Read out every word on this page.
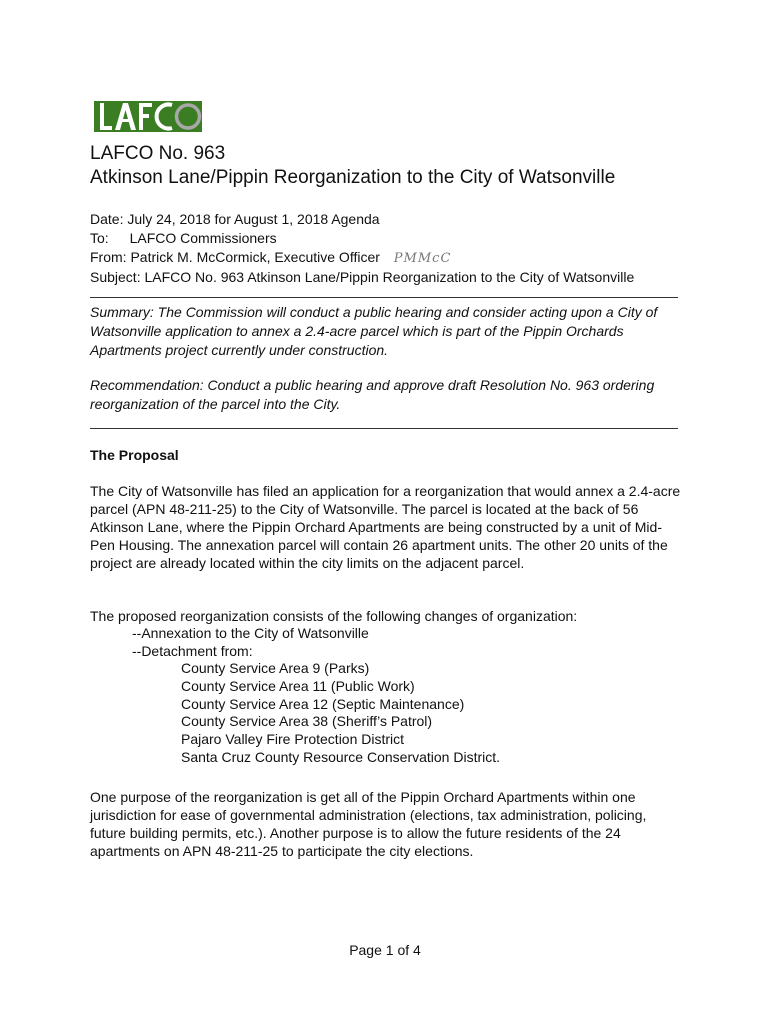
LAFCO No. 963
Atkinson Lane/Pippin Reorganization to the City of Watsonville
Date: July 24, 2018 for August 1, 2018 Agenda
To: LAFCO Commissioners
From: Patrick M. McCormick, Executive Officer PMMcC
Subject: LAFCO No. 963 Atkinson Lane/Pippin Reorganization to the City of Watsonville
Summary: The Commission will conduct a public hearing and consider acting upon a City of Watsonville application to annex a 2.4-acre parcel which is part of the Pippin Orchards Apartments project currently under construction.
Recommendation: Conduct a public hearing and approve draft Resolution No. 963 ordering reorganization of the parcel into the City.
The Proposal
The City of Watsonville has filed an application for a reorganization that would annex a 2.4-acre parcel (APN 48-211-25) to the City of Watsonville. The parcel is located at the back of 56 Atkinson Lane, where the Pippin Orchard Apartments are being constructed by a unit of Mid-Pen Housing. The annexation parcel will contain 26 apartment units. The other 20 units of the project are already located within the city limits on the adjacent parcel.
The proposed reorganization consists of the following changes of organization:
--Annexation to the City of Watsonville
--Detachment from:
County Service Area 9 (Parks)
County Service Area 11 (Public Work)
County Service Area 12 (Septic Maintenance)
County Service Area 38 (Sheriff’s Patrol)
Pajaro Valley Fire Protection District
Santa Cruz County Resource Conservation District.
One purpose of the reorganization is get all of the Pippin Orchard Apartments within one jurisdiction for ease of governmental administration (elections, tax administration, policing, future building permits, etc.). Another purpose is to allow the future residents of the 24 apartments on APN 48-211-25 to participate the city elections.
Page 1 of 4
